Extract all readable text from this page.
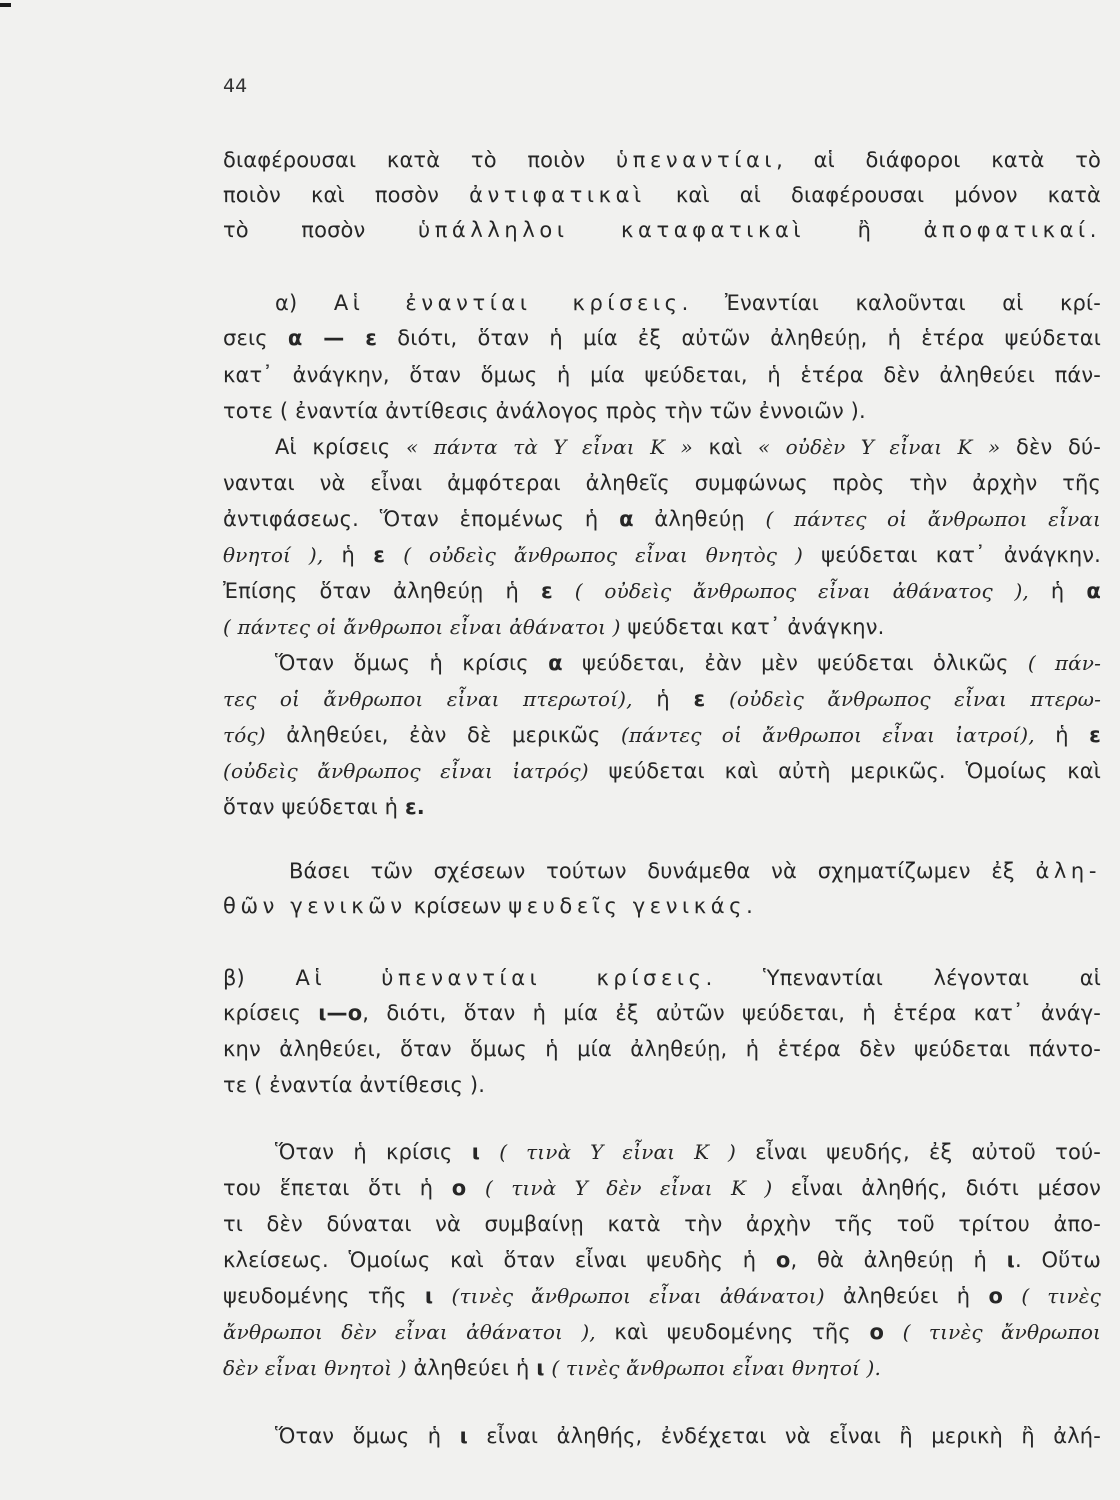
44
διαφέρουσαι κατὰ τὸ ποιὸν ὑπεναντίαι, αἱ διάφοροι κατὰ τὸ
ποιὸν καὶ ποσὸν ἀντιφατικαὶ καὶ αἱ διαφέρουσαι μόνον κατὰ
τὸ ποσὸν ὑπάλληλοι	καταφατικαὶ ἢ ἀποφατικαί.
α) Αἱ ἐναντίαι κρίσεις. Ἐναντίαι καλοῦνται αἱ κρί-
σεις α — ε διότι, ὅταν ἡ μία ἐξ αὐτῶν ἀληθεύῃ, ἡ ἑτέρα ψεύδεται
κατ᾽ ἀνάγκην, ὅταν ὅμως ἡ μία ψεύδεται, ἡ ἑτέρα δὲν ἀληθεύει πάν-
τοτε ( ἐναντία ἀντίθεσις ἀνάλογος πρὸς τὴν τῶν ἐννοιῶν ).
Αἱ κρίσεις « πάντα τὰ Υ εἶναι Κ » καὶ « οὐδὲν Υ εἶναι Κ » δὲν δύ-
νανται νὰ εἶναι ἀμφότεραι ἀληθεῖς συμφώνως πρὸς τὴν ἀρχὴν τῆς
ἀντιφάσεως. Ὅταν ἑπομένως ἡ α ἀληθεύῃ ( πάντες οἱ ἄνθρωποι εἶναι
θνητοί ), ἡ ε ( οὐδεὶς ἄνθρωπος εἶναι θνητὸς ) ψεύδεται κατ᾽ ἀνάγκην.
Ἐπίσης ὅταν ἀληθεύῃ ἡ ε ( οὐδεὶς ἄνθρωπος εἶναι ἀθάνατος ), ἡ α
( πάντες οἱ ἄνθρωποι εἶναι ἀθάνατοι ) ψεύδεται κατ᾽ ἀνάγκην.
Ὅταν ὅμως ἡ κρίσις α ψεύδεται, ἐὰν μὲν ψεύδεται ὁλικῶς ( πάν-
τες οἱ ἄνθρωποι εἶναι πτερωτοί), ἡ ε (οὐδεὶς ἄνθρωπος εἶναι πτερω-
τός) ἀληθεύει, ἐὰν δὲ μερικῶς (πάντες οἱ ἄνθρωποι εἶναι ἰατροί), ἡ ε
(οὐδεὶς ἄνθρωπος εἶναι ἰατρός) ψεύδεται καὶ αὐτὴ μερικῶς. Ὁμοίως καὶ
ὅταν ψεύδεται ἡ ε.
Βάσει τῶν σχέσεων τούτων δυνάμεθα νὰ σχηματίζωμεν ἐξ ἀλη-
θῶν γενικῶν κρίσεων ψευδεῖς γενικάς.
β) Αἱ ὑπεναντίαι κρίσεις. Ὑπεναντίαι λέγονται αἱ
κρίσεις ι—ο, διότι, ὅταν ἡ μία ἐξ αὐτῶν ψεύδεται, ἡ ἑτέρα κατ᾽ ἀνάγ-
κην ἀληθεύει, ὅταν ὅμως ἡ μία ἀληθεύῃ, ἡ ἑτέρα δὲν ψεύδεται πάντο-
τε ( ἐναντία ἀντίθεσις ).
Ὅταν ἡ κρίσις ι ( τινὰ Υ εἶναι Κ ) εἶναι ψευδής, ἐξ αὐτοῦ τού-
του ἕπεται ὅτι ἡ ο ( τινὰ Υ δὲν εἶναι Κ ) εἶναι ἀληθής, διότι μέσον
τι δὲν δύναται νὰ συμβαίνῃ κατὰ τὴν ἀρχὴν τῆς τοῦ τρίτου ἀπο-
κλείσεως. Ὁμοίως καὶ ὅταν εἶναι ψευδὴς ἡ ο, θὰ ἀληθεύῃ ἡ ι. Οὕτω
ψευδομένης τῆς ι (τινὲς ἄνθρωποι εἶναι ἀθάνατοι) ἀληθεύει ἡ ο ( τινὲς
ἄνθρωποι δὲν εἶναι ἀθάνατοι ), καὶ ψευδομένης τῆς ο ( τινὲς ἄνθρωποι
δὲν εἶναι θνητοὶ ) ἀληθεύει ἡ ι ( τινὲς ἄνθρωποι εἶναι θνητοί ).
Ὅταν ὅμως ἡ ι εἶναι ἀληθής, ἐνδέχεται νὰ εἶναι ἢ μερικὴ ἢ ἀλή-
